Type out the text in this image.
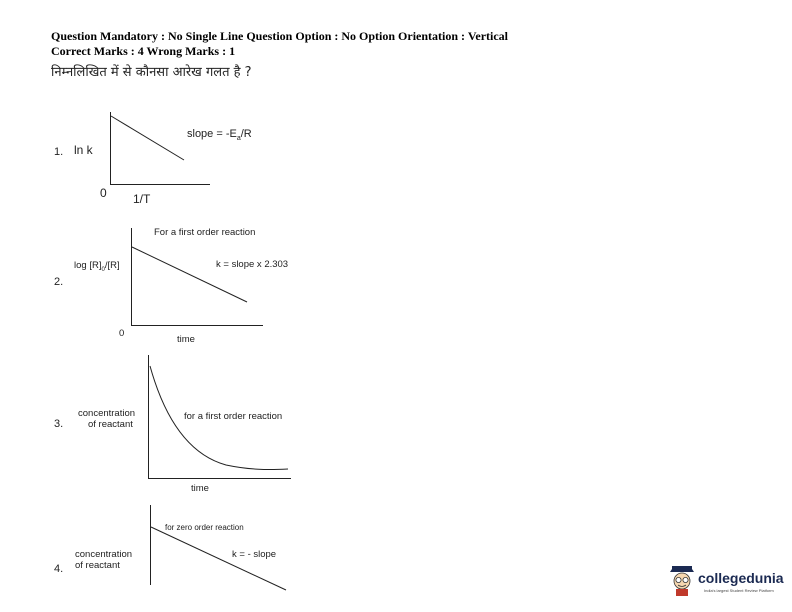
Question Mandatory : No Single Line Question Option : No Option Orientation : Vertical
Correct Marks : 4 Wrong Marks : 1
निम्नलिखित में से कौनसा आरेख गलत है ?
1. ln k
0 1/T
slope = $-E_a/R$
2.
For a first order reaction
$\log [R]_0/[R]$	k = slope x 2.303
0
time
3.
concentration
of reactant
for a first order reaction
time
4.
for zero order reaction
concentration
of reactant
k = - slope
collegedunia
India's largest Student Review Platform
